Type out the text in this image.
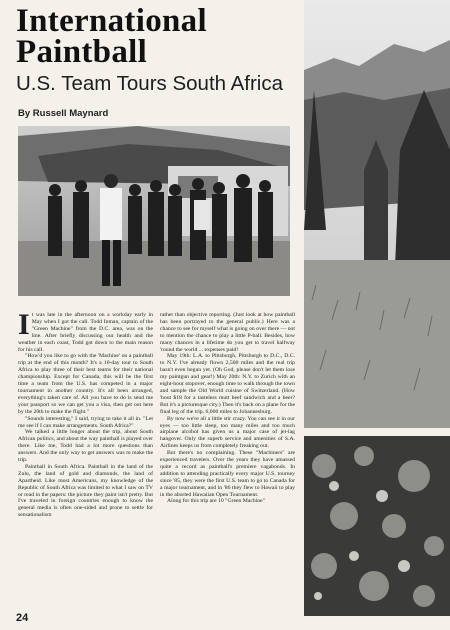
International Paintball
U.S. Team Tours South Africa
By Russell Maynard

It was late in the afternoon on a workday early in May when I got the call. Todd Inman, captain of the "Green Machine" from the D.C. area, was on the line. After briefly discussing our health and the weather in each coast, Todd got down to the main reason for his call.

"How'd you like to go with the 'Machine' on a paintball trip at the end of this month? It's a 10-day tour to South Africa to play three of their best teams for their national championship. Except for Canada, this will be the first time a team from the U.S. has competed in a major tournament in another country. It's all been arranged, everything's taken care of. All you have to do is send me your passport so we can get you a visa, then get out here by the 20th to make the flight."

"Sounds interesting," I said, trying to take it all in. "Let me see if I can make arrangements. South Africa?"

We talked a little longer about the trip, about South African politics, and about the way paintball is played over there. Like me, Todd had a lot more questions than answers. And the only way to get answers was to make the trip.

Paintball in South Africa. Paintball in the land of the Zulu, the land of gold and diamonds, the land of Apartheid. Like most Americans, my knowledge of the Republic of South Africa was limited to what I saw on TV or read in the papers: the picture they paint isn't pretty. But I've traveled in foreign countries enough to know the general media is often one-sided and prone to settle for sensationalism

rather than objective reporting. (Just look at how paintball has been portrayed to the general public.) Here was a chance to see for myself what is going on over there — not to mention the chance to play a little P-ball. Besides, how many chances in a lifetime do you get to travel halfway 'round the world ... expenses paid!

May 19th: L.A. to Pittsburgh, Pittsburgh to D.C., D.C. to N.Y. I've already flown 2,500 miles and the real trip hasn't even begun yet. (Oh God, please don't let them lose my paintgun and gear!) May 20th: N.Y. to Zurich with an eight-hour stopover, enough time to walk through the town and sample the Old World cuisine of Switzerland. (How 'bout $18 for a tasteless mutt beef sandwich and a beer? But it's a picturesque city.) Then it's back on a plane for the final leg of the trip, 6,000 miles to Johannesburg.

By now we're all a little stir crazy. You can see it in our eyes — too little sleep, too many miles and too much airplane alcohol has given us a major case of jet-lag hangover. Only the superb service and amenities of S.A. Airlines keeps us from completely freaking out.

But there's no complaining. These "Machiners" are experienced travelers. Over the years they have amassed quite a record as paintball's premiere vagabonds. In addition to attending practically every major U.S. tourney since '85, they were the first U.S. team to go to Canada for a major tournament, and in '86 they flew to Hawaii to play in the aborted Hawaiian Open Tournament.

Along for this trip are 10 "Green Machine"

24
